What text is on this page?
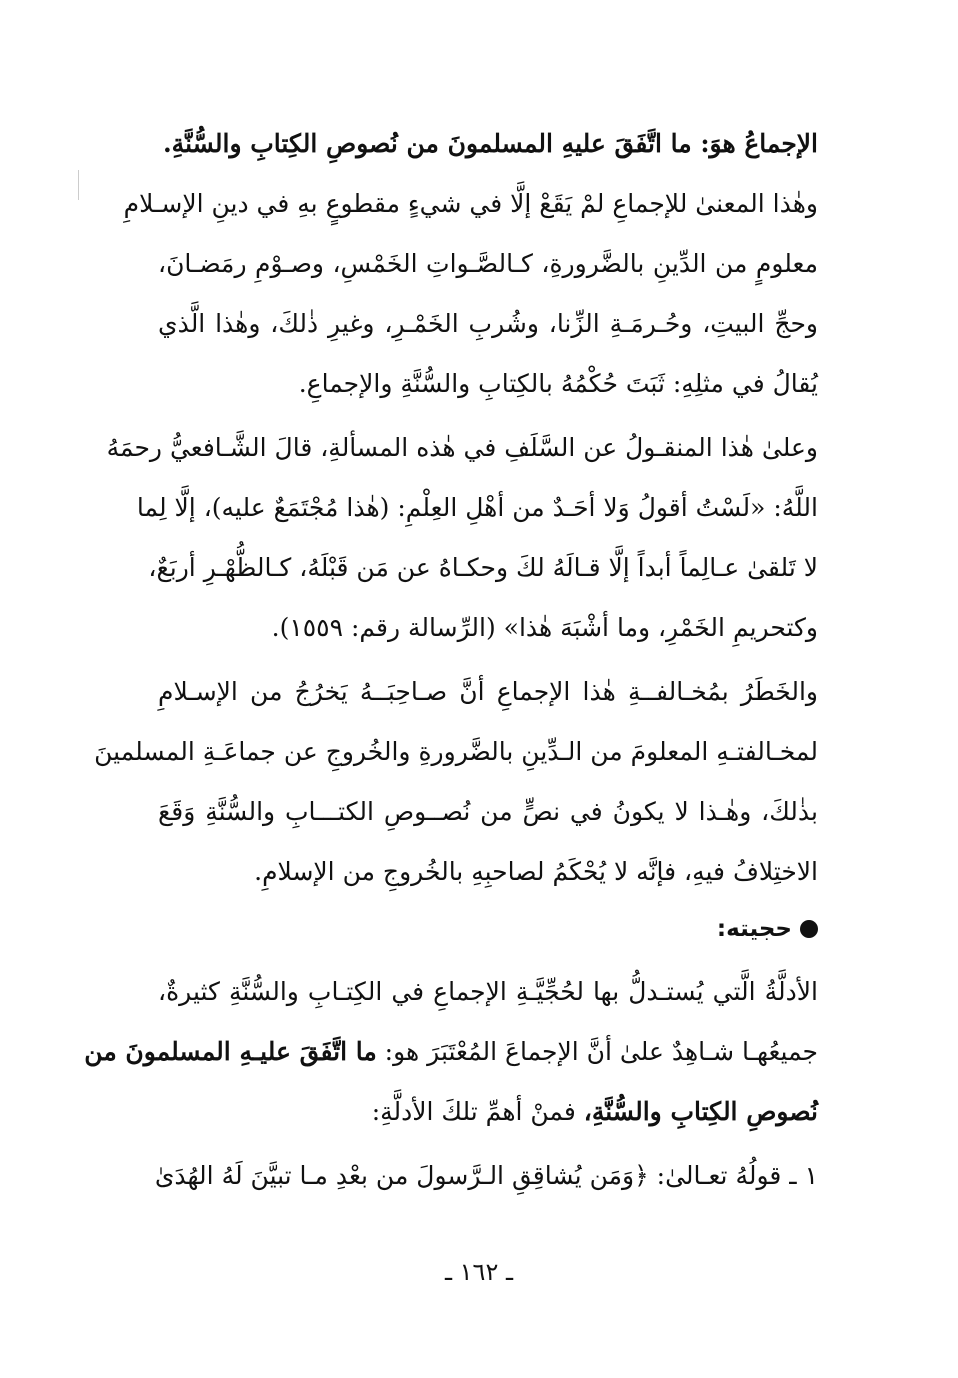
الإجماعُ هوَ: ما اتَّفَقَ عليهِ المسلمونَ من نُصوصِ الكِتابِ والسُّنَّةِ.
وهٰذا المعنىٰ للإجماعِ لمْ يَقَعْ إلَّا في شيءٍ مقطوعٍ بهِ في دينِ الإسـلامِ
معلومٍ من الدِّينِ بالضَّرورةِ، كـالصَّـواتِ الخَمْسِ، وصـوْمِ رمَضـانَ،
وحجِّ البيتِ، وحُـرمَـةِ الزِّنا، وشُربِ الخَمْـرِ، وغيرِ ذٰلكَ، وهٰذا الَّذي
يُقالُ في مثلِهِ: ثَبَتَ حُكْمُهُ بالكِتابِ والسُّنَّةِ والإجماعِ.
وعلىٰ هٰذا المنقـولُ عن السَّلَفِ في هٰذه المسألةِ، قالَ الشَّـافعيُّ رحمَهُ
اللَّهُ: «لَسْتُ أقولُ وَلا أحَـدٌ من أهْلِ العِلْمِ: (هٰذا مُجْتَمَعٌ عليه)، إلَّا لِما
لا تَلقىٰ عـالِماً أبداً إلَّا قـالَهُ لكَ وحكـاهُ عن مَن قَبْلَهُ، كـالظُّهْـرِ أربَعٌ،
وكتحريمِ الخَمْرِ، وما أشْبَهَ هٰذا» (الرِّسالة رقم: ١٥٥٩).
والخَطَرُ بمُخـالفــةِ هٰذا الإجماعِ أنَّ صـاحِبَــهُ يَخرُجُ من الإسـلامِ
لمخـالفتـهِ المعلومَ من الـدِّينِ بالضَّرورةِ والخُروجِ عن جماعَـةِ المسلمينَ
بذٰلكَ، وهٰـذا لا يكونُ في نصٍّ من نُصــوصِ الكتـــابِ والسُّنَّةِ وَقَعَ
الاختِلافُ فيهِ، فإنَّه لا يُحْكَمُ لصاحبِهِ بالخُروجِ من الإسلامِ.
حجيته:
الأدلَّةُ الَّتي يُستـدلُّ بها لحُجِّيَّـةِ الإجماعِ في الكِتـابِ والسُّنَّةِ كثيرةٌ،
جميعُهـا شـاهِدٌ علىٰ أنَّ الإجماعَ المُعْتَبَرَ هو: ما اتَّفَقَ عليـهِ المسلمونَ من
نُصوصِ الكِتابِ والسُّنَّةِ، فمنْ أهمِّ تلكَ الأدلَّةِ:
١ ـ قولُهُ تعـالىٰ: ﴿وَمَن يُشاقِقِ الـرَّسولَ من بعْدِ مـا تبيَّنَ لَهُ الهُدَىٰ
ـ ١٦٢ ـ
